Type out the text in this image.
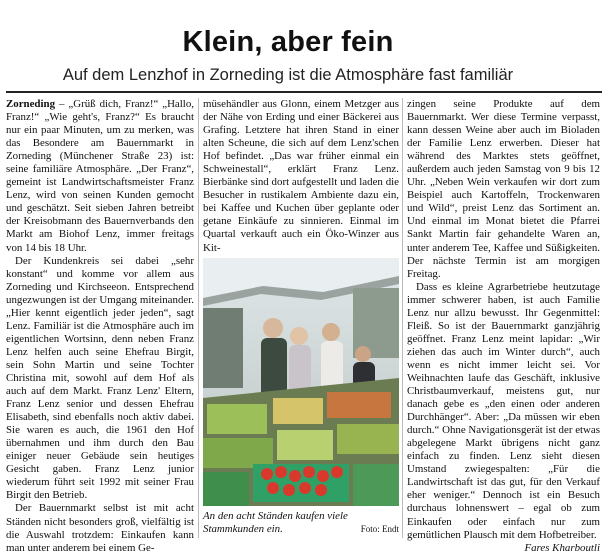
Klein, aber fein
Auf dem Lenzhof in Zorneding ist die Atmosphäre fast familiär

Zorneding – „Grüß dich, Franz!“ „Hallo, Franz!“ „Wie geht's, Franz?“ Es braucht nur ein paar Minuten, um zu merken, was das Besondere am Bauernmarkt in Zorneding (Münchener Straße 23) ist: seine familiäre Atmosphäre. „Der Franz“, gemeint ist Landwirtschaftsmeister Franz Lenz, wird von seinen Kunden gemocht und geschätzt. Seit sieben Jahren betreibt der Kreisobmann des Bauernverbands den Markt am Biohof Lenz, immer freitags von 14 bis 18 Uhr.

Der Kundenkreis sei dabei „sehr konstant“ und komme vor allem aus Zorneding und Kirchseeon. Entsprechend ungezwungen ist der Umgang miteinander. „Hier kennt eigentlich jeder jeden“, sagt Lenz. Familiär ist die Atmosphäre auch im eigentlichen Wortsinn, denn neben Franz Lenz helfen auch seine Ehefrau Birgit, sein Sohn Martin und seine Tochter Christina mit, sowohl auf dem Hof als auch auf dem Markt. Franz Lenz' Eltern, Franz Lenz senior und dessen Ehefrau Elisabeth, sind ebenfalls noch aktiv dabei. Sie waren es auch, die 1961 den Hof übernahmen und ihm durch den Bau einiger neuer Gebäude sein heutiges Gesicht gaben. Franz Lenz junior wiederum führt seit 1992 mit seiner Frau Birgit den Betrieb.

Der Bauernmarkt selbst ist mit acht Ständen nicht besonders groß, vielfältig ist die Auswahl trotzdem: Einkaufen kann man unter anderem bei einem Ge-

müsehändler aus Glonn, einem Metzger aus der Nähe von Erding und einer Bäckerei aus Grafing. Letztere hat ihren Stand in einer alten Scheune, die sich auf dem Lenz'schen Hof befindet. „Das war früher einmal ein Schweinestall“, erklärt Franz Lenz. Bierbänke sind dort aufgestellt und laden die Besucher in rustikalem Ambiente dazu ein, bei Kaffee und Kuchen über geplante oder getane Einkäufe zu sinnieren. Einmal im Quartal verkauft auch ein Öko-Winzer aus Kit-

An den acht Ständen kaufen viele Stammkunden ein.	Foto: Endt

zingen seine Produkte auf dem Bauernmarkt. Wer diese Termine verpasst, kann dessen Weine aber auch im Bioladen der Familie Lenz erwerben. Dieser hat während des Marktes stets geöffnet, außerdem auch jeden Samstag von 9 bis 12 Uhr. „Neben Wein verkaufen wir dort zum Beispiel auch Kartoffeln, Trockenwaren und Wild“, preist Lenz das Sortiment an. Und einmal im Monat bietet die Pfarrei Sankt Martin fair gehandelte Waren an, unter anderem Tee, Kaffee und Süßigkeiten. Der nächste Termin ist am morgigen Freitag.

Dass es kleine Agrarbetriebe heutzutage immer schwerer haben, ist auch Familie Lenz nur allzu bewusst. Ihr Gegenmittel: Fleiß. So ist der Bauernmarkt ganzjährig geöffnet. Franz Lenz meint lapidar: „Wir ziehen das auch im Winter durch“, auch wenn es nicht immer leicht sei. Vor Weihnachten laufe das Geschäft, inklusive Christbaumverkauf, meistens gut, nur danach gebe es „den einen oder anderen Durchhänger“. Aber: „Da müssen wir eben durch.“ Ohne Navigationsgerät ist der etwas abgelegene Markt übrigens nicht ganz einfach zu finden. Lenz sieht diesen Umstand zwiegespalten: „Für die Landwirtschaft ist das gut, für den Verkauf eher weniger.“ Dennoch ist ein Besuch durchaus lohnenswert – egal ob zum Einkaufen oder einfach nur zum gemütlichen Plausch mit dem Hofbetreiber.

Fares Kharboutli
